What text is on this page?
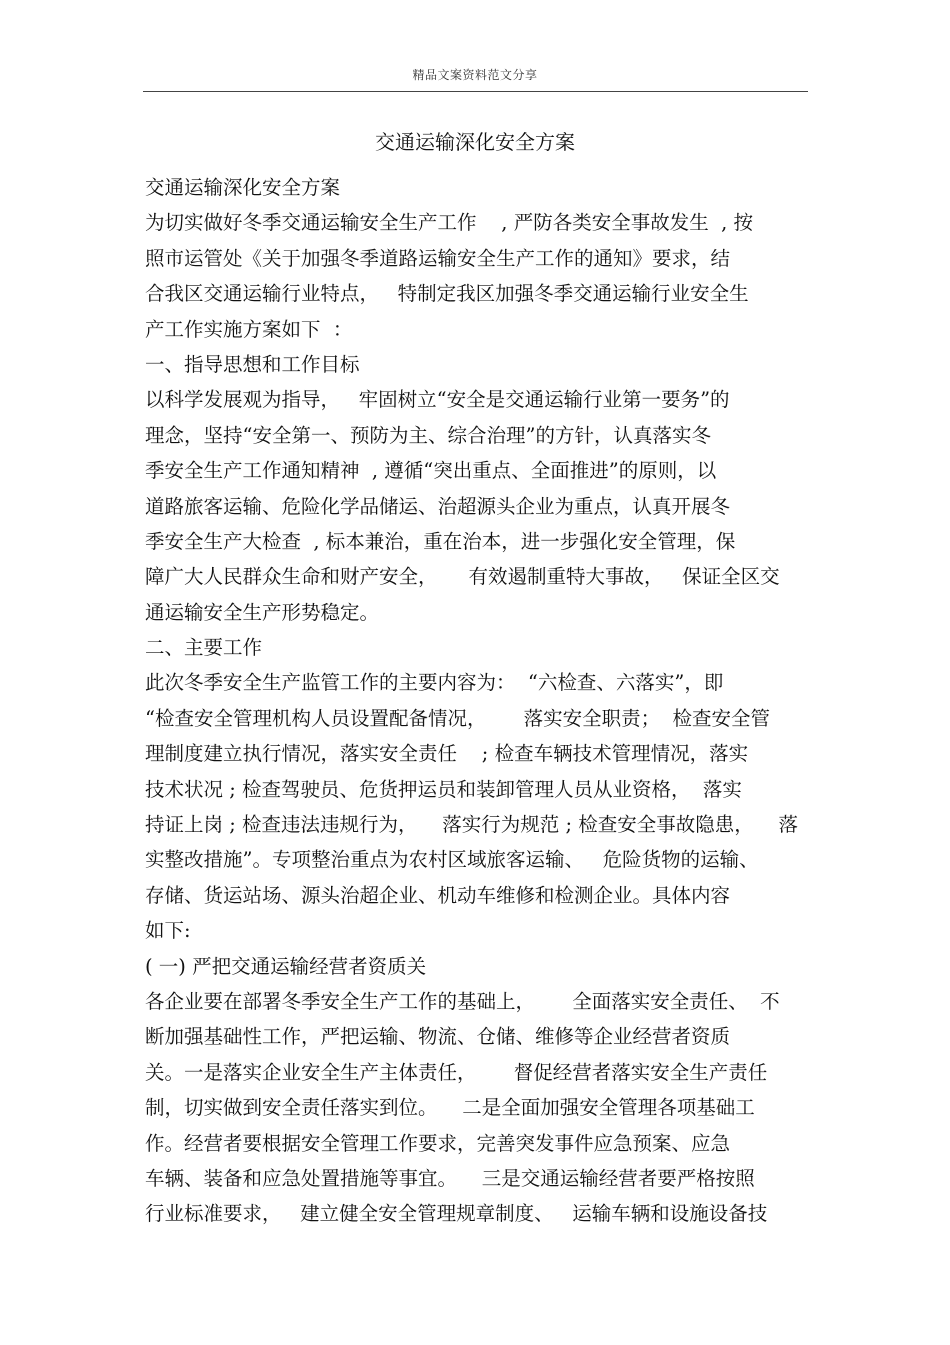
精品文案资料范文分享
交通运输深化安全方案
交通运输深化安全方案
为切实做好冬季交通运输安全生产工作    , 严防各类安全事故发生  , 按
照市运管处《关于加强冬季道路运输安全生产工作的通知》要求，结
合我区交通运输行业特点，   特制定我区加强冬季交通运输行业安全生
产工作实施方案如下  ：
一、指导思想和工作目标
以科学发展观为指导，   牢固树立“安全是交通运输行业第一要务”的
理念，坚持“安全第一、预防为主、综合治理”的方针，认真落实冬
季安全生产工作通知精神  , 遵循“突出重点、全面推进”的原则，以
道路旅客运输、危险化学品储运、治超源头企业为重点，认真开展冬
季安全生产大检查  , 标本兼治，重在治本，进一步强化安全管理，保
障广大人民群众生命和财产安全，     有效遏制重特大事故，   保证全区交
通运输安全生产形势稳定。
二、主要工作
此次冬季安全生产监管工作的主要内容为：  “六检查、六落实”，即
“检查安全管理机构人员设置配备情况，      落实安全职责；  检查安全管
理制度建立执行情况，落实安全责任    ; 检查车辆技术管理情况，落实
技术状况 ; 检查驾驶员、危货押运员和装卸管理人员从业资格，  落实
持证上岗 ; 检查违法违规行为，    落实行为规范 ; 检查安全事故隐患，    落
实整改措施”。专项整治重点为农村区域旅客运输、   危险货物的运输、
存储、货运站场、源头治超企业、机动车维修和检测企业。具体内容
如下:
( 一) 严把交通运输经营者资质关
各企业要在部署冬季安全生产工作的基础上，      全面落实安全责任、  不
断加强基础性工作，严把运输、物流、仓储、维修等企业经营者资质
关。一是落实企业安全生产主体责任，      督促经营者落实安全生产责任
制，切实做到安全责任落实到位。    二是全面加强安全管理各项基础工
作。经营者要根据安全管理工作要求，完善突发事件应急预案、应急
车辆、装备和应急处置措施等事宜。    三是交通运输经营者要严格按照
行业标准要求，   建立健全安全管理规章制度、   运输车辆和设施设备技
